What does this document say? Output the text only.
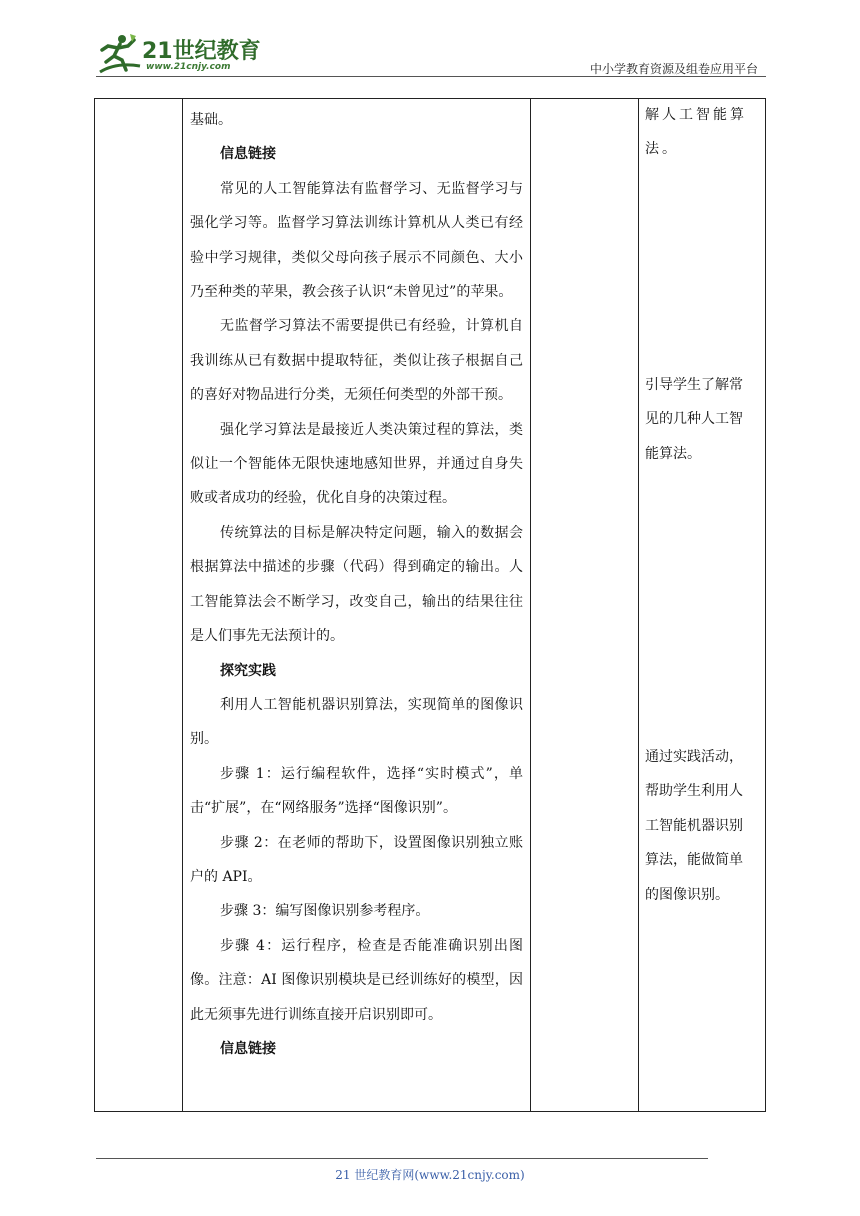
21世纪教育
www.21cnjy.com	中小学教育资源及组卷应用平台

基础。

信息链接

常见的人工智能算法有监督学习、无监督学习与强化学习等。监督学习算法训练计算机从人类已有经验中学习规律，类似父母向孩子展示不同颜色、大小乃至种类的苹果，教会孩子认识“未曾见过”的苹果。

无监督学习算法不需要提供已有经验，计算机自我训练从已有数据中提取特征，类似让孩子根据自己的喜好对物品进行分类，无须任何类型的外部干预。

强化学习算法是最接近人类决策过程的算法，类似让一个智能体无限快速地感知世界，并通过自身失败或者成功的经验，优化自身的决策过程。

传统算法的目标是解决特定问题，输入的数据会根据算法中描述的步骤（代码）得到确定的输出。人工智能算法会不断学习，改变自己，输出的结果往往是人们事先无法预计的。

探究实践

利用人工智能机器识别算法，实现简单的图像识别。

步骤 1：运行编程软件，选择“实时模式”，单击“扩展”，在“网络服务”选择“图像识别”。

步骤 2：在老师的帮助下，设置图像识别独立账户的 API。

步骤 3：编写图像识别参考程序。

步骤 4：运行程序，检查是否能准确识别出图像。注意：AI 图像识别模块是已经训练好的模型，因此无须事先进行训练直接开启识别即可。

信息链接

解人工智能算
法。
引导学生了解常
见的几种人工智
能算法。
通过实践活动，
帮助学生利用人
工智能机器识别
算法，能做简单
的图像识别。
21 世纪教育网(www.21cnjy.com)
